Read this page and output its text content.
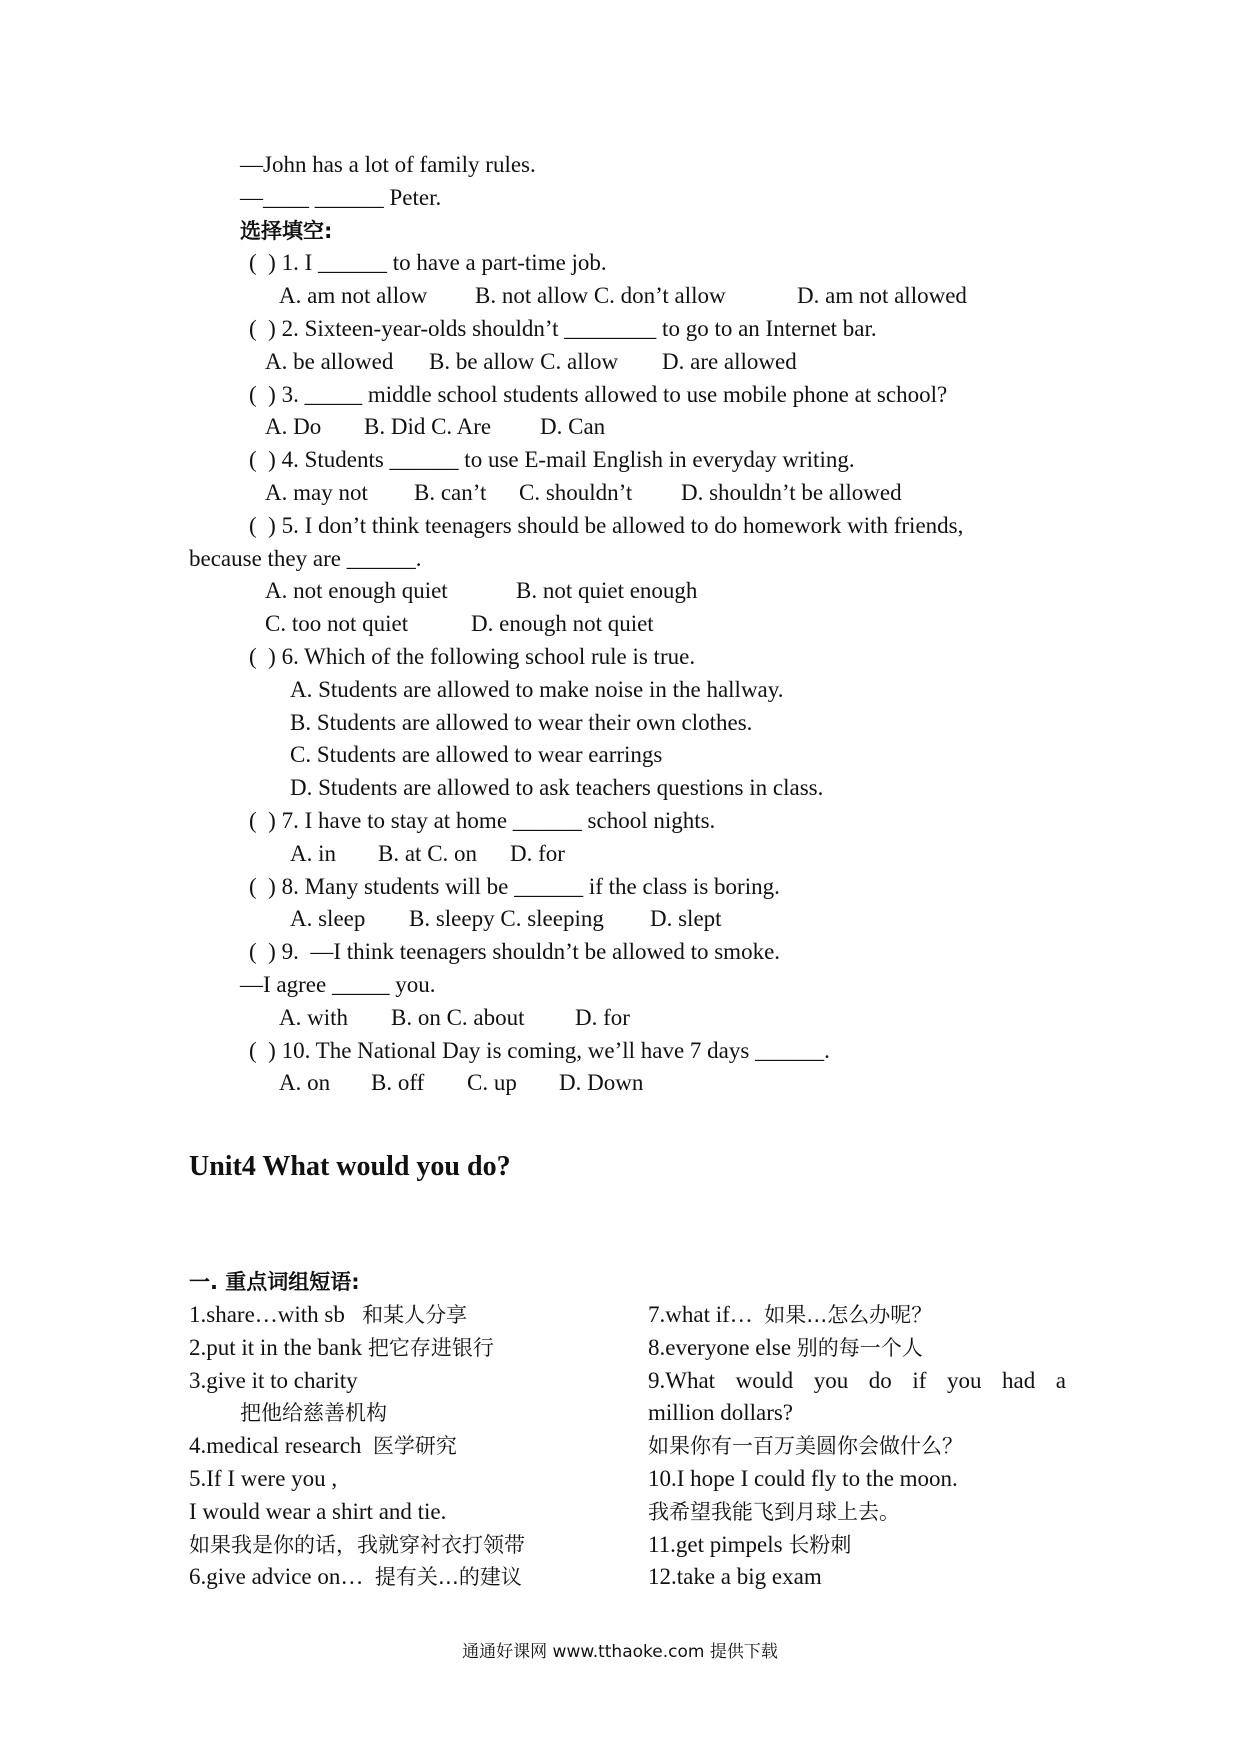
—John has a lot of family rules.
—____ ______ Peter.
选择填空:
(  ) 1. I ______ to have a part-time job.
A. am not allow B. not allow C. don’t allow	D. am not allowed
(  ) 2. Sixteen-year-olds shouldn’t ________ to go to an Internet bar.
A. be allowed B. be allow C. allow D. are allowed
(  ) 3. _____ middle school students allowed to use mobile phone at school?
A. Do B. Did C. Are D. Can
(  ) 4. Students ______ to use E-mail English in everyday writing.
A. may not B. can’t C. shouldn’t D. shouldn’t be allowed
(  ) 5. I don’t think teenagers should be allowed to do homework with friends,
because they are ______.
A. not enough quiet	B. not quiet enough
C. too not quiet	D. enough not quiet
(  ) 6. Which of the following school rule is true.
A. Students are allowed to make noise in the hallway.
B. Students are allowed to wear their own clothes.
C. Students are allowed to wear earrings
D. Students are allowed to ask teachers questions in class.
(  ) 7. I have to stay at home ______ school nights.
A. in B. at C. on D. for
(  ) 8. Many students will be ______ if the class is boring.
A. sleep B. sleepy C. sleeping D. slept
(  ) 9.  —I think teenagers shouldn’t be allowed to smoke.
—I agree _____ you.
A. with B. on C. about D. for
(  ) 10. The National Day is coming, we’ll have 7 days ______.
A. on B. off C. up D. Down
Unit4 What would you do?
一. 重点词组短语:
1.share…with sb 和某人分享
2.put it in the bank 把它存进银行
3.give it to charity
把他给慈善机构
4.medical research 医学研究
5.If I were you ,
I would wear a shirt and tie.
如果我是你的话，我就穿衬衣打领带
6.give advice on… 提有关…的建议
7.what if… 如果…怎么办呢？
8.everyone else 别的每一个人
9.What would you do if you had a
million dollars?
如果你有一百万美圆你会做什么？
10.I hope I could fly to the moon.
我希望我能飞到月球上去。
11.get pimpels 长粉刺
12.take a big exam
通通好课网 www.tthaoke.com 提供下载
